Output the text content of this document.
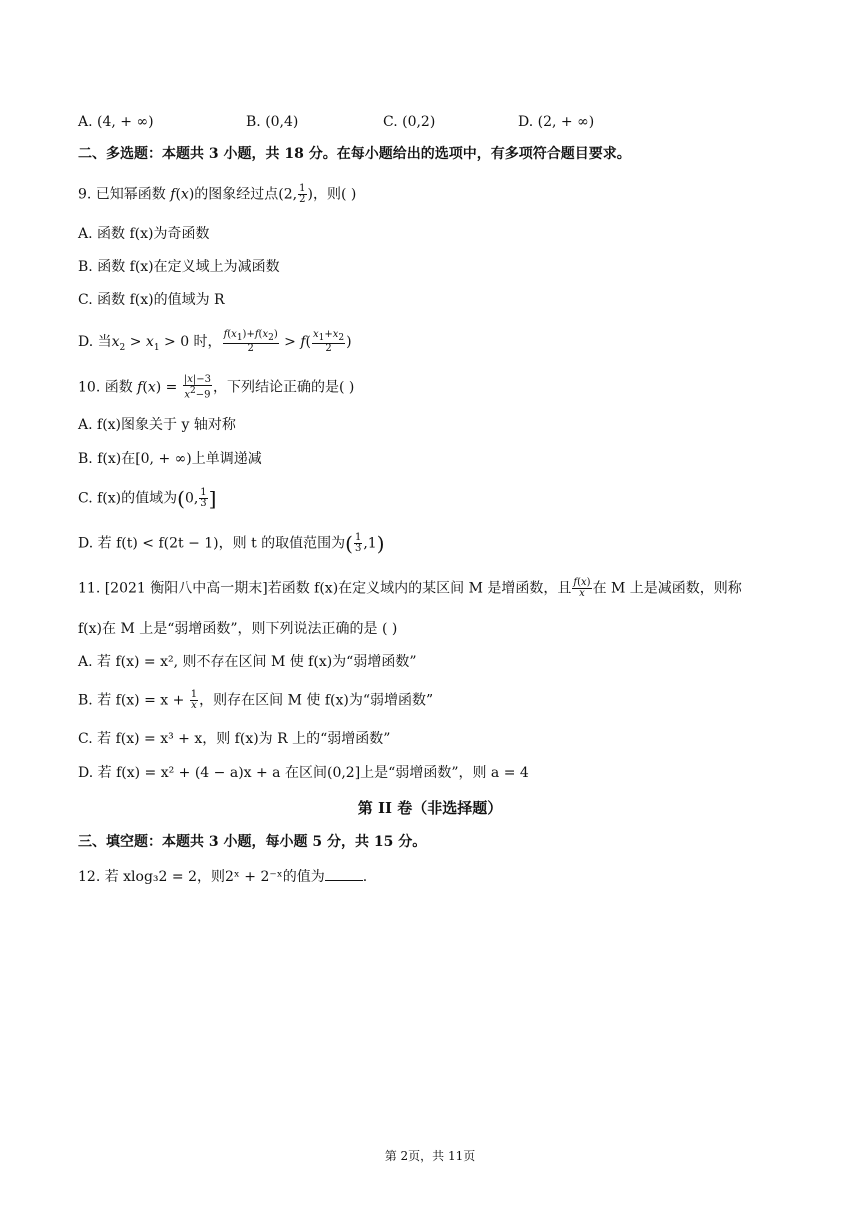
A. (4, + ∞)	B. (0,4)	C. (0,2)	D. (2, + ∞)
二、多选题：本题共 3 小题，共 18 分。在每小题给出的选项中，有多项符合题目要求。
9. 已知幂函数 f(x)的图象经过点(2, $\frac{1}{2}$ )，则( )
A. 函数 f(x)为奇函数
B. 函数 f(x)在定义域上为减函数
C. 函数 f(x)的值域为 R
D. 当$x_2 > x_1 > 0$ 时， $\frac{f(x_1)+f(x_2)}{2} > f( \frac{x_1+x_2}{2}$ )
10. 函数 $f(x) = \frac{|x|-3}{x^2-9}$ ，下列结论正确的是( )
A. f(x)图象关于 y 轴对称
B. f(x)在[0, + ∞)上单调递减
C. f(x)的值域为(0, $\frac{1}{3}$ ]
D. 若 f(t) < f(2t − 1)，则 t 的取值范围为( $\frac{1}{3} ,1$)
11. [2021 衡阳八中高一期末]若函数 f(x)在定义域内的某区间 M 是增函数，且 $\frac{f(x)}{x}$ 在 M 上是减函数，则称
f(x)在 M 上是“弱增函数”，则下列说法正确的是 ( )
A. 若 f(x) = x², 则不存在区间 M 使 f(x)为“弱增函数”
B. 若 $f(x) = x + \frac{1}{x}$ ，则存在区间 M 使 f(x)为“弱增函数”
C. 若 f(x) = x³ + x，则 f(x)为 R 上的“弱增函数”
D. 若 f(x) = x² + (4 − a)x + a 在区间(0,2]上是“弱增函数”，则 a = 4
第 II 卷（非选择题）
三、填空题：本题共 3 小题，每小题 5 分，共 15 分。
12. 若 xlog₃2 = 2，则2ˣ + 2⁻ˣ的值为	.
第 2页，共 11页
